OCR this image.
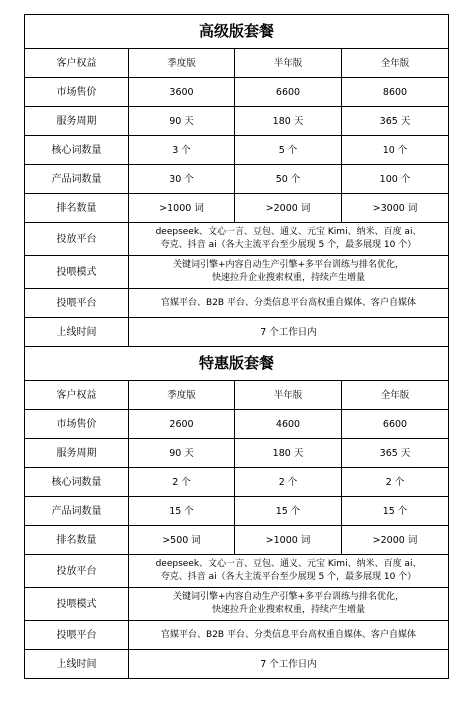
高级版套餐			
客户权益	季度版	半年版	全年版
市场售价	3600	6600	8600
服务周期	90 天	180 天	365 天
核心词数量	3 个	5 个	10 个
产品词数量	30 个	50 个	100 个
排名数量	>1000 词	>2000 词	>3000 词
投放平台	deepseek、文心一言、豆包、通义、元宝 Kimi、纳米、百度 ai、
夸克、抖音 ai（各大主流平台至少展现 5 个，最多展现 10 个）		

投喂模式	关键词引擎+内容自动生产引擎+多平台训练与排名优化，
快速拉升企业搜索权重，持续产生增量		

投喂平台	官媒平台、B2B 平台、分类信息平台高权重自媒体、客户自媒体		
上线时间	7 个工作日内		
特惠版套餐			
客户权益	季度版	半年版	全年版
市场售价	2600	4600	6600
服务周期	90 天	180 天	365 天
核心词数量	2 个	2 个	2 个
产品词数量	15 个	15 个	15 个
排名数量	>500 词	>1000 词	>2000 词
投放平台	deepseek、文心一言、豆包、通义、元宝 Kimi、纳米、百度 ai、
夸克、抖音 ai（各大主流平台至少展现 5 个，最多展现 10 个）		

投喂模式	关键词引擎+内容自动生产引擎+多平台训练与排名优化，
快速拉升企业搜索权重，持续产生增量		

投喂平台	官媒平台、B2B 平台、分类信息平台高权重自媒体、客户自媒体		
上线时间	7 个工作日内		
